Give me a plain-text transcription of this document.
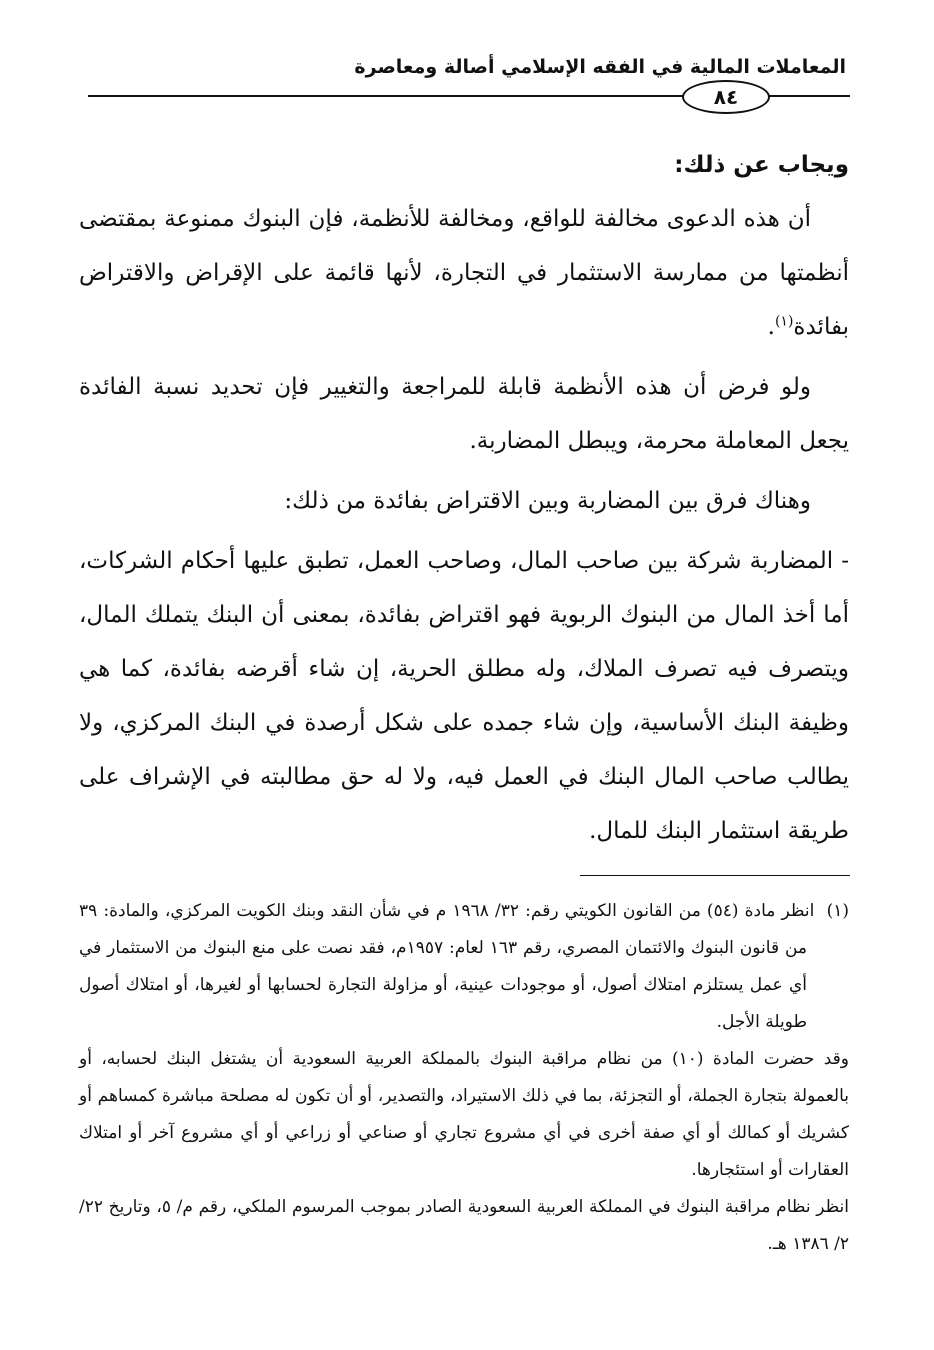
المعاملات المالية في الفقه الإسلامي أصالة ومعاصرة
٨٤

ويجاب عن ذلك:

أن هذه الدعوى مخالفة للواقع، ومخالفة للأنظمة، فإن البنوك ممنوعة بمقتضى أنظمتها من ممارسة الاستثمار في التجارة، لأنها قائمة على الإقراض والاقتراض بفائدة$^{(١)}$.

ولو فرض أن هذه الأنظمة قابلة للمراجعة والتغيير فإن تحديد نسبة الفائدة يجعل المعاملة محرمة، ويبطل المضاربة.

وهناك فرق بين المضاربة وبين الاقتراض بفائدة من ذلك:

- المضاربة شركة بين صاحب المال، وصاحب العمل، تطبق عليها أحكام الشركات، أما أخذ المال من البنوك الربوية فهو اقتراض بفائدة، بمعنى أن البنك يتملك المال، ويتصرف فيه تصرف الملاك، وله مطلق الحرية، إن شاء أقرضه بفائدة، كما هي وظيفة البنك الأساسية، وإن شاء جمده على شكل أرصدة في البنك المركزي، ولا يطالب صاحب المال البنك في العمل فيه، ولا له حق مطالبته في الإشراف على طريقة استثمار البنك للمال.

(١)  انظر مادة (٥٤) من القانون الكويتي رقم: ٣٢/ ١٩٦٨ م في شأن النقد وبنك الكويت المركزي، والمادة: ٣٩ من قانون البنوك والائتمان المصري، رقم ١٦٣ لعام: ١٩٥٧م، فقد نصت على منع البنوك من الاستثمار في أي عمل يستلزم امتلاك أصول، أو موجودات عينية، أو مزاولة التجارة لحسابها أو لغيرها، أو امتلاك أصول طويلة الأجل.

وقد حضرت المادة (١٠) من نظام مراقبة البنوك بالمملكة العربية السعودية أن يشتغل البنك لحسابه، أو بالعمولة بتجارة الجملة، أو التجزئة، بما في ذلك الاستيراد، والتصدير، أو أن تكون له مصلحة مباشرة كمساهم أو كشريك أو كمالك أو أي صفة أخرى في أي مشروع تجاري أو صناعي أو زراعي أو أي مشروع آخر أو امتلاك العقارات أو استئجارها.

انظر نظام مراقبة البنوك في المملكة العربية السعودية الصادر بموجب المرسوم الملكي، رقم م/ ٥، وتاريخ ٢٢/ ٢/ ١٣٨٦ هـ.
